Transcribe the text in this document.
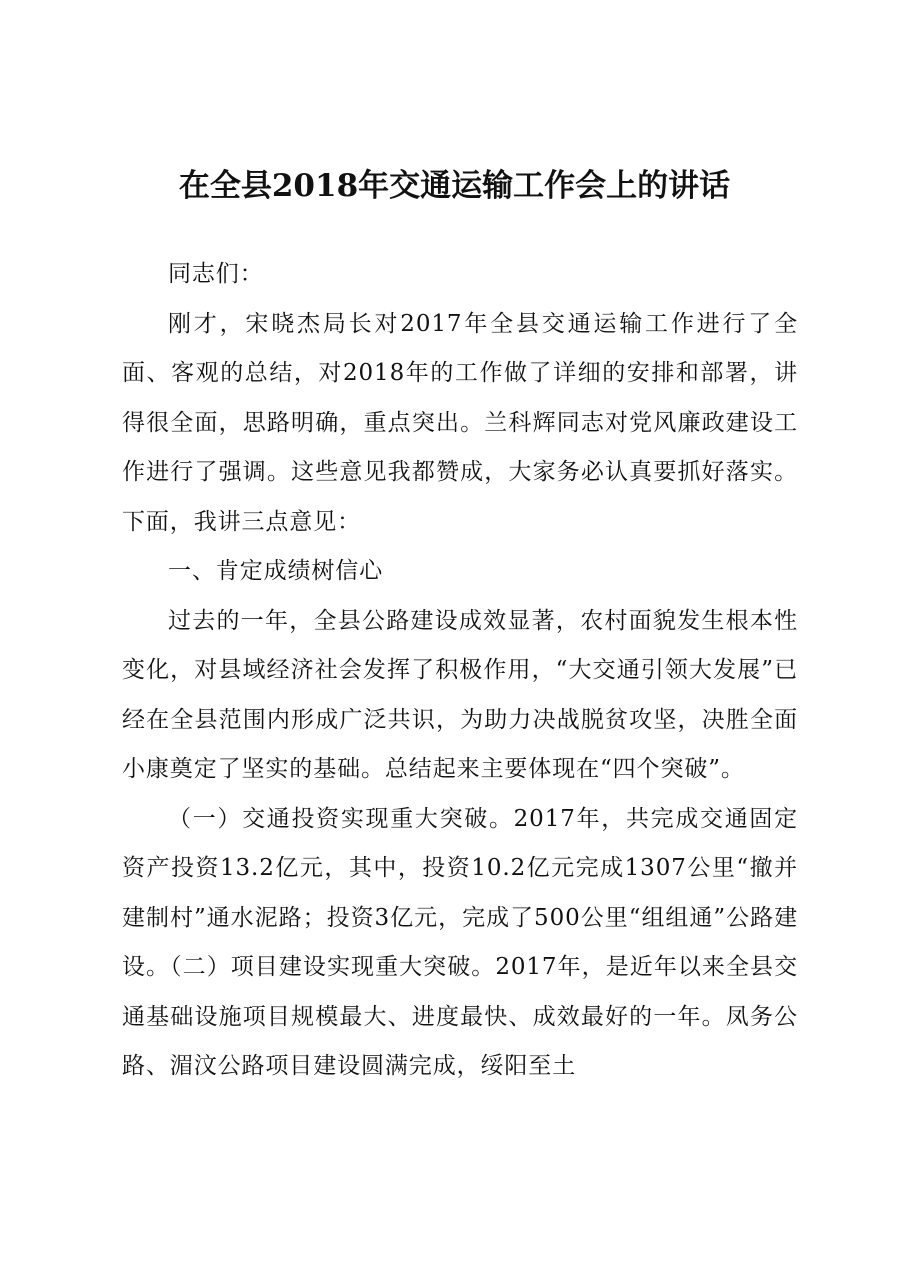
在全县2018年交通运输工作会上的讲话

同志们：

刚才，宋晓杰局长对2017年全县交通运输工作进行了全面、客观的总结，对2018年的工作做了详细的安排和部署，讲得很全面，思路明确，重点突出。兰科辉同志对党风廉政建设工作进行了强调。这些意见我都赞成，大家务必认真要抓好落实。下面，我讲三点意见：

一、肯定成绩树信心

过去的一年，全县公路建设成效显著，农村面貌发生根本性变化，对县域经济社会发挥了积极作用，“大交通引领大发展”已经在全县范围内形成广泛共识，为助力决战脱贫攻坚，决胜全面小康奠定了坚实的基础。总结起来主要体现在“四个突破”。

（一）交通投资实现重大突破。2017年，共完成交通固定资产投资13.2亿元，其中，投资10.2亿元完成1307公里“撤并建制村”通水泥路；投资3亿元，完成了500公里“组组通”公路建设。（二）项目建设实现重大突破。2017年，是近年以来全县交通基础设施项目规模最大、进度最快、成效最好的一年。凤务公路、湄汶公路项目建设圆满完成，绥阳至土
